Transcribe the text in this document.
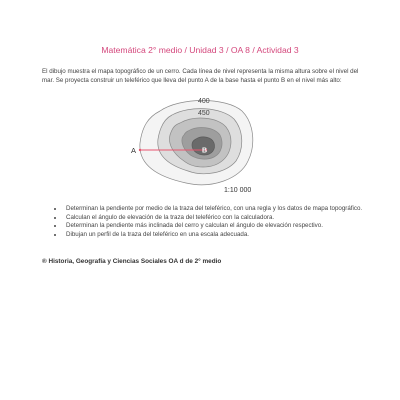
Matemática 2° medio / Unidad 3 / OA 8 / Actividad 3
El dibujo muestra el mapa topográfico de un cerro. Cada línea de nivel representa la misma altura sobre el nivel del mar. Se proyecta construir un teleférico que lleva del punto A de la base hasta el punto B en el nivel más alto:
400
450
A	B
1:10 000
• Determinan la pendiente por medio de la traza del teleférico, con una regla y los datos de mapa topográfico.
• Calculan el ángulo de elevación de la traza del teleférico con la calculadora.
• Determinan la pendiente más inclinada del cerro y calculan el ángulo de elevación respectivo.
• Dibujan un perfil de la traza del teleférico en una escala adecuada.
® Historia, Geografía y Ciencias Sociales OA d de 2° medio
